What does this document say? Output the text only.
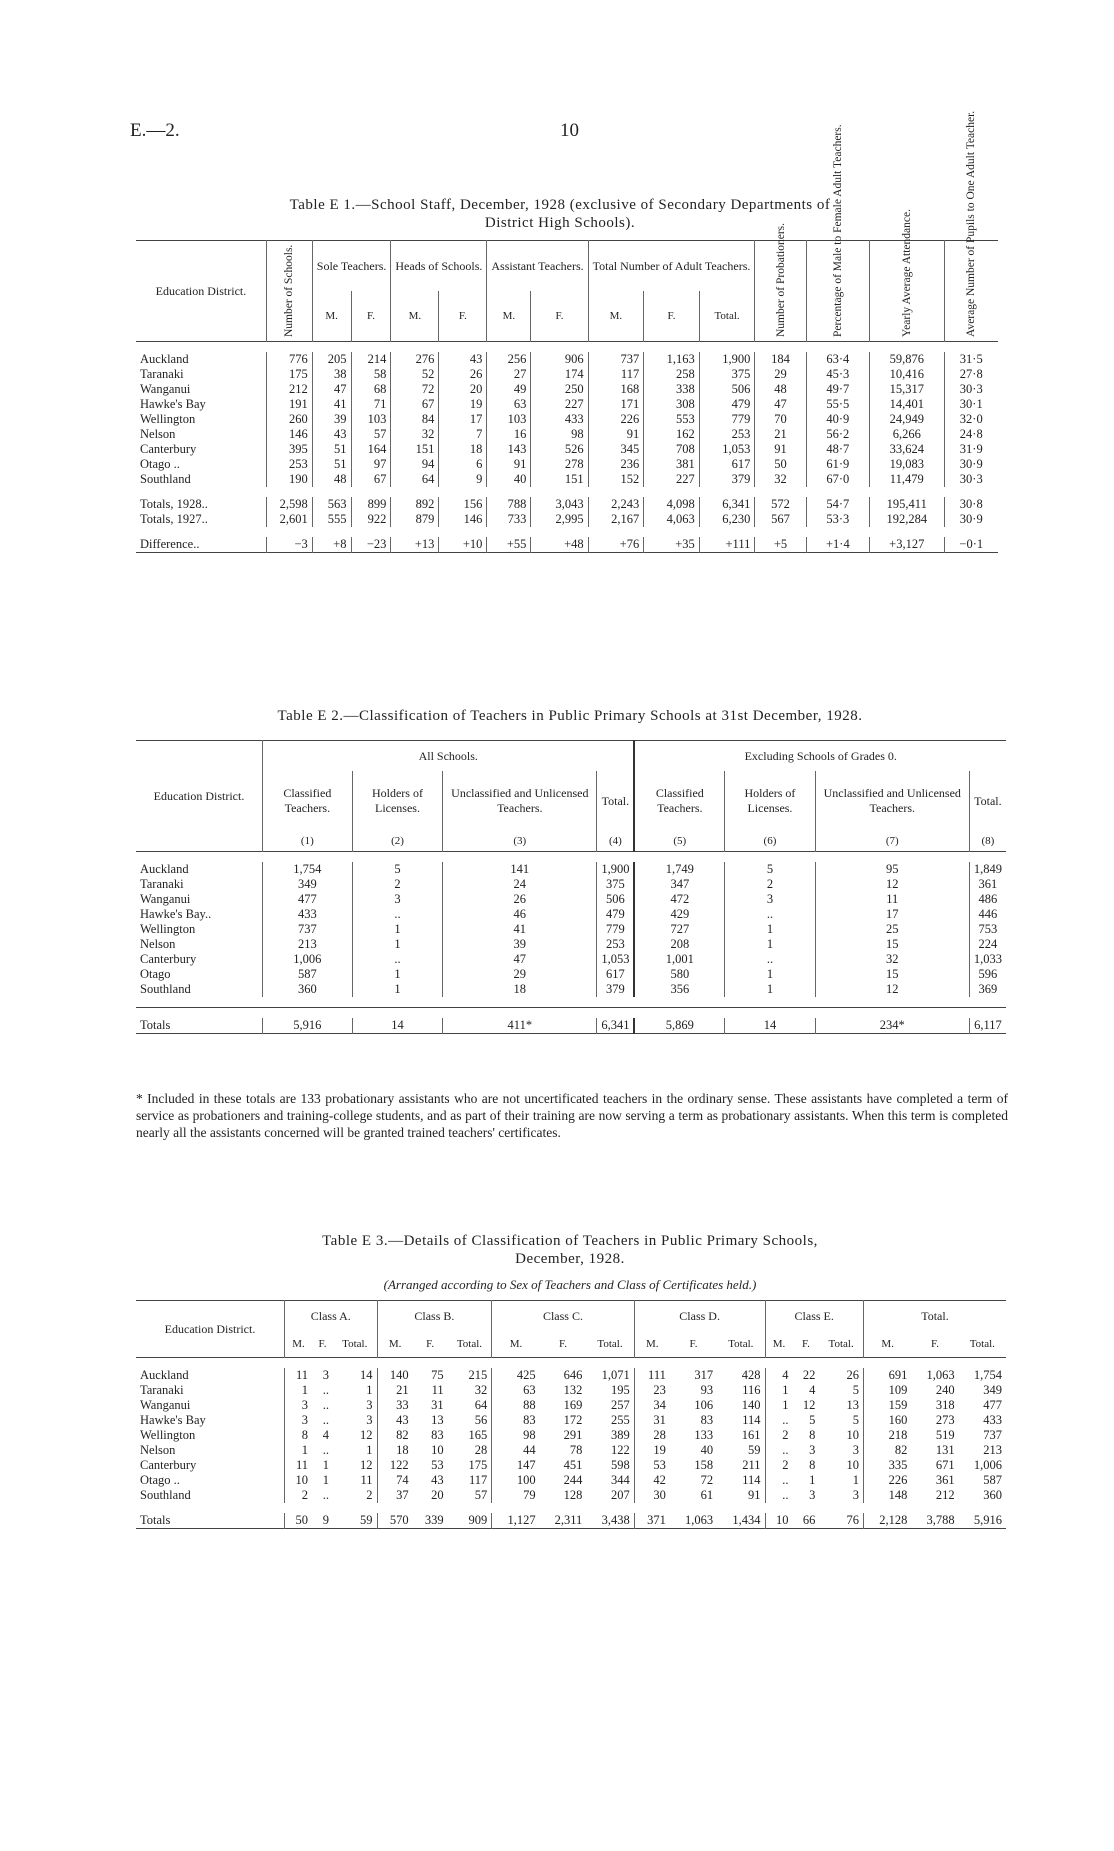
E.—2.	10
Table E 1.—School Staff, December, 1928 (exclusive of Secondary Departments of
District High Schools).
Education District.	Number of Schools.	Sole Teachers.		Heads of Schools.		Assistant Teachers.		Total Number of Adult Teachers.			Number of Probationers.	Percentage of Male to Female Adult Teachers.	Yearly Average Attendance.	Average Number of Pupils to One Adult Teacher.

		M.	F.	M.	F.	M.	F.	M.	F.	Total.				

Auckland	776	205	214	276	43	256	906	737	1,163	1,900	184	63·4	59,876	31·5
Taranaki	175	38	58	52	26	27	174	117	258	375	29	45·3	10,416	27·8
Wanganui	212	47	68	72	20	49	250	168	338	506	48	49·7	15,317	30·3
Hawke's Bay	191	41	71	67	19	63	227	171	308	479	47	55·5	14,401	30·1
Wellington	260	39	103	84	17	103	433	226	553	779	70	40·9	24,949	32·0
Nelson	146	43	57	32	7	16	98	91	162	253	21	56·2	6,266	24·8
Canterbury	395	51	164	151	18	143	526	345	708	1,053	91	48·7	33,624	31·9
Otago ..	253	51	97	94	6	91	278	236	381	617	50	61·9	19,083	30·9
Southland	190	48	67	64	9	40	151	152	227	379	32	67·0	11,479	30·3

Totals, 1928..	2,598	563	899	892	156	788	3,043	2,243	4,098	6,341	572	54·7	195,411	30·8
Totals, 1927..	2,601	555	922	879	146	733	2,995	2,167	4,063	6,230	567	53·3	192,284	30·9

Difference..	−3	+8	−23	+13	+10	+55	+48	+76	+35	+111	+5	+1·4	+3,127	−0·1
Table E 2.—Classification of Teachers in Public Primary Schools at 31st December, 1928.
Education District.	All Schools.				Excluding Schools of Grades 0.			
	Classified Teachers.	Holders of Licenses.	Unclassified and Unlicensed Teachers.	Total.	Classified Teachers.	Holders of Licenses.	Unclassified and Unlicensed Teachers.	Total.
	(1)	(2)	(3)	(4)	(5)	(6)	(7)	(8)

Auckland	1,754	5	141	1,900	1,749	5	95	1,849
Taranaki	349	2	24	375	347	2	12	361
Wanganui	477	3	26	506	472	3	11	486
Hawke's Bay..	433	..	46	479	429	..	17	446
Wellington	737	1	41	779	727	1	25	753
Nelson	213	1	39	253	208	1	15	224
Canterbury	1,006	..	47	1,053	1,001	..	32	1,033
Otago	587	1	29	617	580	1	15	596
Southland	360	1	18	379	356	1	12	369

Totals	5,916	14	411*	6,341	5,869	14	234*	6,117
* Included in these totals are 133 probationary assistants who are not uncertificated teachers in the ordinary sense. These assistants have completed a term of service as probationers and training-college students, and as part of their training are now serving a term as probationary assistants. When this term is completed nearly all the assistants concerned will be granted trained teachers' certificates.
Table E 3.—Details of Classification of Teachers in Public Primary Schools,
December, 1928.
(Arranged according to Sex of Teachers and Class of Certificates held.)
Education District.	Class A.			Class B.			Class C.			Class D.			Class E.			Total.		
	M.	F.	Total.	M.	F.	Total.	M.	F.	Total.	M.	F.	Total.	M.	F.	Total.	M.	F.	Total.

Auckland	11	3	14	140	75	215	425	646	1,071	111	317	428	4	22	26	691	1,063	1,754
Taranaki	1	..	1	21	11	32	63	132	195	23	93	116	1	4	5	109	240	349
Wanganui	3	..	3	33	31	64	88	169	257	34	106	140	1	12	13	159	318	477
Hawke's Bay	3	..	3	43	13	56	83	172	255	31	83	114	..	5	5	160	273	433
Wellington	8	4	12	82	83	165	98	291	389	28	133	161	2	8	10	218	519	737
Nelson	1	..	1	18	10	28	44	78	122	19	40	59	..	3	3	82	131	213
Canterbury	11	1	12	122	53	175	147	451	598	53	158	211	2	8	10	335	671	1,006
Otago ..	10	1	11	74	43	117	100	244	344	42	72	114	..	1	1	226	361	587
Southland	2	..	2	37	20	57	79	128	207	30	61	91	..	3	3	148	212	360

Totals	50	9	59	570	339	909	1,127	2,311	3,438	371	1,063	1,434	10	66	76	2,128	3,788	5,916
